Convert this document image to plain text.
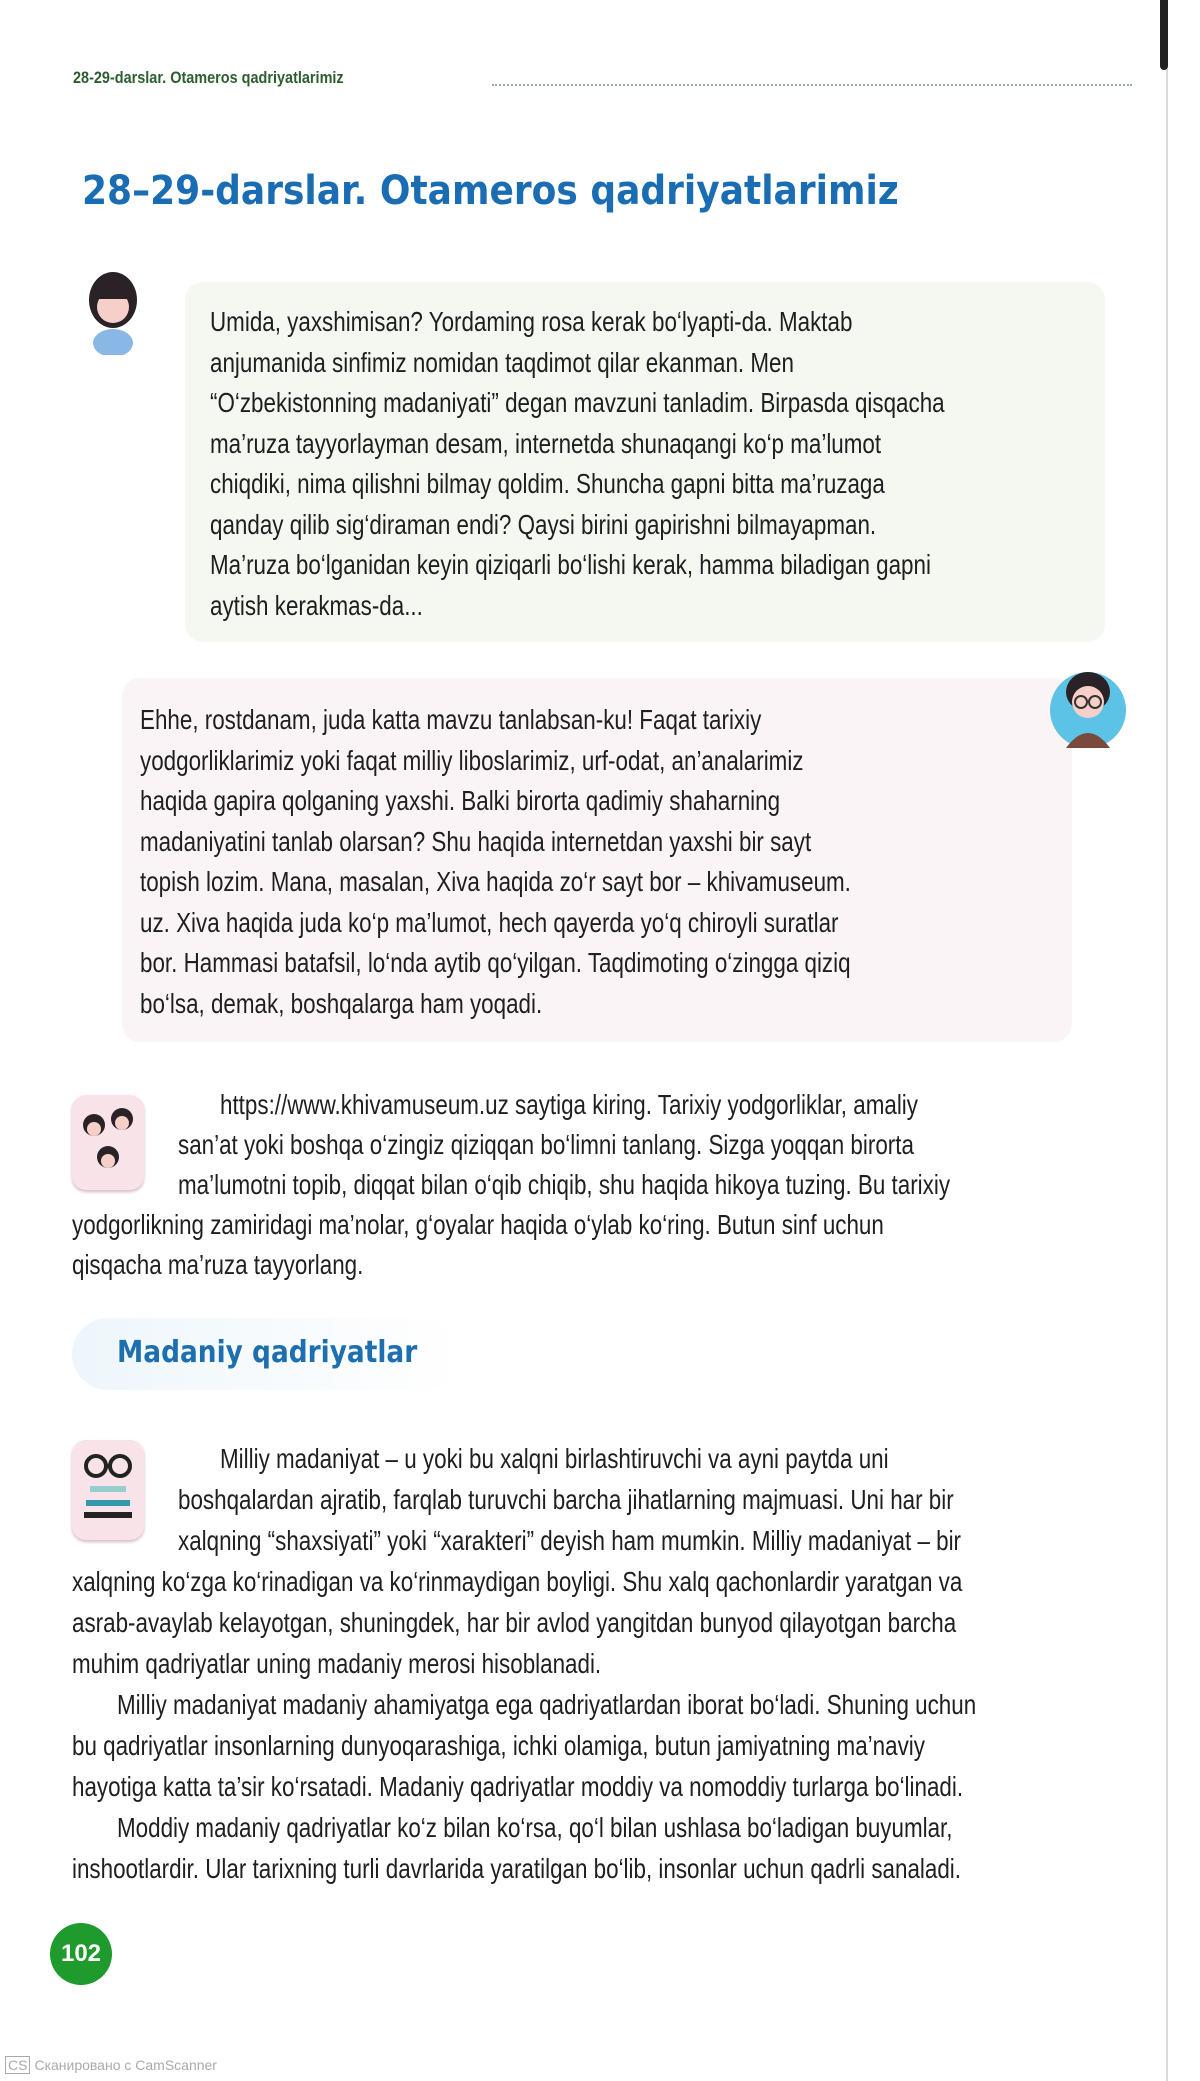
28-29-darslar. Otameros qadriyatlarimiz
28–29-darslar. Otameros qadriyatlarimiz
Umida, yaxshimisan? Yordaming rosa kerak bo‘lyapti-da. Maktab
anjumanida sinfimiz nomidan taqdimot qilar ekanman. Men
“O‘zbekistonning madaniyati” degan mavzuni tanladim. Birpasda qisqacha
ma’ruza tayyorlayman desam, internetda shunaqangi ko‘p ma’lumot
chiqdiki, nima qilishni bilmay qoldim. Shuncha gapni bitta ma’ruzaga
qanday qilib sig‘diraman endi? Qaysi birini gapirishni bilmayapman.
Ma’ruza bo‘lganidan keyin qiziqarli bo‘lishi kerak, hamma biladigan gapni
aytish kerakmas-da...
Ehhe, rostdanam, juda katta mavzu tanlabsan-ku! Faqat tarixiy
yodgorliklarimiz yoki faqat milliy liboslarimiz, urf-odat, an’analarimiz
haqida gapira qolganing yaxshi. Balki birorta qadimiy shaharning
madaniyatini tanlab olarsan? Shu haqida internetdan yaxshi bir sayt
topish lozim. Mana, masalan, Xiva haqida zo‘r sayt bor – khivamuseum.
uz. Xiva haqida juda ko‘p ma’lumot, hech qayerda yo‘q chiroyli suratlar
bor. Hammasi batafsil, lo‘nda aytib qo‘yilgan. Taqdimoting o‘zingga qiziq
bo‘lsa, demak, boshqalarga ham yoqadi.
https://www.khivamuseum.uz saytiga kiring. Tarixiy yodgorliklar, amaliy
san’at yoki boshqa o‘zingiz qiziqqan bo‘limni tanlang. Sizga yoqqan birorta
ma’lumotni topib, diqqat bilan o‘qib chiqib, shu haqida hikoya tuzing. Bu tarixiy
yodgorlikning zamiridagi ma’nolar, g‘oyalar haqida o‘ylab ko‘ring. Butun sinf uchun
qisqacha ma’ruza tayyorlang.
Madaniy qadriyatlar
Milliy madaniyat – u yoki bu xalqni birlashtiruvchi va ayni paytda uni
boshqalardan ajratib, farqlab turuvchi barcha jihatlarning majmuasi. Uni har bir
xalqning “shaxsiyati” yoki “xarakteri” deyish ham mumkin. Milliy madaniyat – bir
xalqning ko‘zga ko‘rinadigan va ko‘rinmaydigan boyligi. Shu xalq qachonlardir yaratgan va
asrab-avaylab kelayotgan, shuningdek, har bir avlod yangitdan bunyod qilayotgan barcha
muhim qadriyatlar uning madaniy merosi hisoblanadi.
Milliy madaniyat madaniy ahamiyatga ega qadriyatlardan iborat bo‘ladi. Shuning uchun
bu qadriyatlar insonlarning dunyoqarashiga, ichki olamiga, butun jamiyatning ma’naviy
hayotiga katta ta’sir ko‘rsatadi. Madaniy qadriyatlar moddiy va nomoddiy turlarga bo‘linadi.
Moddiy madaniy qadriyatlar ko‘z bilan ko‘rsa, qo‘l bilan ushlasa bo‘ladigan buyumlar,
inshootlardir. Ular tarixning turli davrlarida yaratilgan bo‘lib, insonlar uchun qadrli sanaladi.
102
CS Сканировано с CamScanner
